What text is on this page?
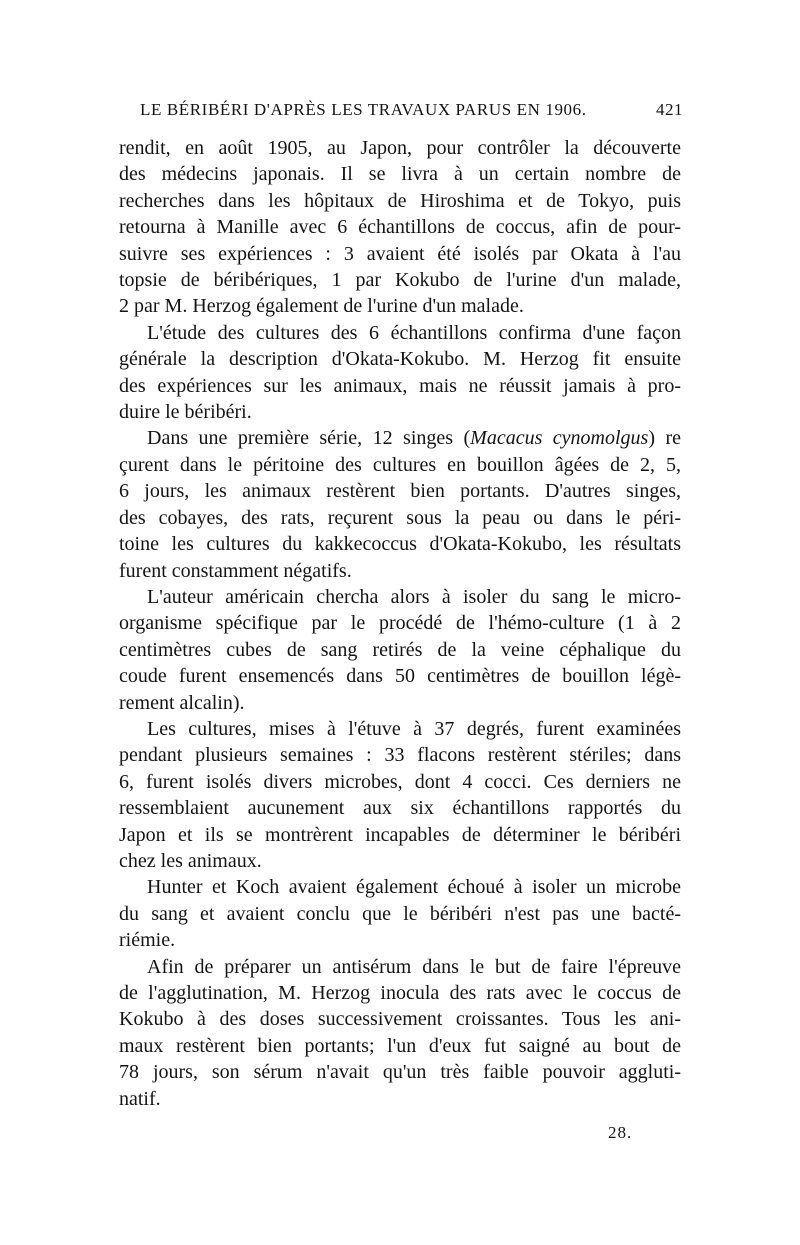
LE BÉRIBÉRI D'APRÈS LES TRAVAUX PARUS EN 1906.	421

rendit, en août 1905, au Japon, pour contrôler la découverte
des médecins japonais. Il se livra à un certain nombre de
recherches dans les hôpitaux de Hiroshima et de Tokyo, puis
retourna à Manille avec 6 échantillons de coccus, afin de pour-
suivre ses expériences : 3 avaient été isolés par Okata à l'au
topsie de béribériques, 1 par Kokubo de l'urine d'un malade,
2 par M. Herzog également de l'urine d'un malade.

L'étude des cultures des 6 échantillons confirma d'une façon
générale la description d'Okata-Kokubo. M. Herzog fit ensuite
des expériences sur les animaux, mais ne réussit jamais à pro-
duire le béribéri.

Dans une première série, 12 singes (Macacus cynomolgus) re
çurent dans le péritoine des cultures en bouillon âgées de 2, 5,
6 jours, les animaux restèrent bien portants. D'autres singes,
des cobayes, des rats, reçurent sous la peau ou dans le péri-
toine les cultures du kakkecoccus d'Okata-Kokubo, les résultats
furent constamment négatifs.

L'auteur américain chercha alors à isoler du sang le micro-
organisme spécifique par le procédé de l'hémo-culture (1 à 2
centimètres cubes de sang retirés de la veine céphalique du
coude furent ensemencés dans 50 centimètres de bouillon légè-
rement alcalin).

Les cultures, mises à l'étuve à 37 degrés, furent examinées
pendant plusieurs semaines : 33 flacons restèrent stériles; dans
6, furent isolés divers microbes, dont 4 cocci. Ces derniers ne
ressemblaient aucunement aux six échantillons rapportés du
Japon et ils se montrèrent incapables de déterminer le béribéri
chez les animaux.

Hunter et Koch avaient également échoué à isoler un microbe
du sang et avaient conclu que le béribéri n'est pas une bacté-
riémie.

Afin de préparer un antisérum dans le but de faire l'épreuve
de l'agglutination, M. Herzog inocula des rats avec le coccus de
Kokubo à des doses successivement croissantes. Tous les ani-
maux restèrent bien portants; l'un d'eux fut saigné au bout de
78 jours, son sérum n'avait qu'un très faible pouvoir aggluti-
natif.

28.
